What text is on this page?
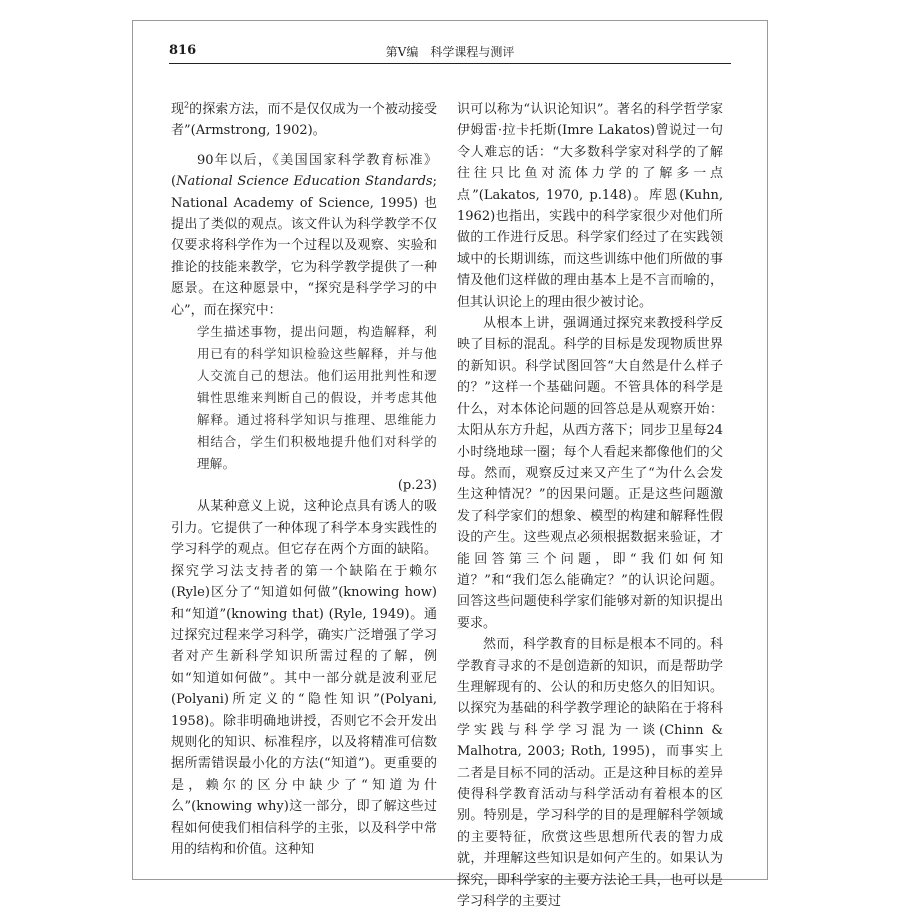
816	第Ⅴ编　科学课程与测评

现$^2$的探索方法，而不是仅仅成为一个被动接受者”(Armstrong, 1902)。

90年以后，《美国国家科学教育标准》(National Science Education Standards; National Academy of Science, 1995) 也提出了类似的观点。该文件认为科学教学不仅仅要求将科学作为一个过程以及观察、实验和推论的技能来教学，它为科学教学提供了一种愿景。在这种愿景中，“探究是科学学习的中心”，而在探究中：

学生描述事物，提出问题，构造解释，利用已有的科学知识检验这些解释，并与他人交流自己的想法。他们运用批判性和逻辑性思维来判断自己的假设，并考虑其他解释。通过将科学知识与推理、思维能力相结合，学生们积极地提升他们对科学的理解。

(p.23)

从某种意义上说，这种论点具有诱人的吸引力。它提供了一种体现了科学本身实践性的学习科学的观点。但它存在两个方面的缺陷。探究学习法支持者的第一个缺陷在于赖尔(Ryle)区分了“知道如何做”(knowing how)和“知道”(knowing that) (Ryle, 1949)。通过探究过程来学习科学，确实广泛增强了学习者对产生新科学知识所需过程的了解，例如“知道如何做”。其中一部分就是波利亚尼(Polyani)所定义的“隐性知识”(Polyani, 1958)。除非明确地讲授，否则它不会开发出规则化的知识、标准程序，以及将精准可信数据所需错误最小化的方法(“知道”)。更重要的是，赖尔的区分中缺少了“知道为什么”(knowing why)这一部分，即了解这些过程如何使我们相信科学的主张，以及科学中常用的结构和价值。这种知

识可以称为“认识论知识”。著名的科学哲学家伊姆雷·拉卡托斯(Imre Lakatos)曾说过一句令人难忘的话：“大多数科学家对科学的了解往往只比鱼对流体力学的了解多一点点”(Lakatos, 1970, p.148)。库恩(Kuhn, 1962)也指出，实践中的科学家很少对他们所做的工作进行反思。科学家们经过了在实践领域中的长期训练，而这些训练中他们所做的事情及他们这样做的理由基本上是不言而喻的，但其认识论上的理由很少被讨论。

从根本上讲，强调通过探究来教授科学反映了目标的混乱。科学的目标是发现物质世界的新知识。科学试图回答“大自然是什么样子的？”这样一个基础问题。不管具体的科学是什么，对本体论问题的回答总是从观察开始：太阳从东方升起，从西方落下；同步卫星每24小时绕地球一圈；每个人看起来都像他们的父母。然而，观察反过来又产生了“为什么会发生这种情况？”的因果问题。正是这些问题激发了科学家们的想象、模型的构建和解释性假设的产生。这些观点必须根据数据来验证，才能回答第三个问题，即“我们如何知道？”和“我们怎么能确定？”的认识论问题。回答这些问题使科学家们能够对新的知识提出要求。

然而，科学教育的目标是根本不同的。科学教育寻求的不是创造新的知识，而是帮助学生理解现有的、公认的和历史悠久的旧知识。以探究为基础的科学教学理论的缺陷在于将科学实践与科学学习混为一谈(Chinn & Malhotra, 2003; Roth, 1995)，而事实上二者是目标不同的活动。正是这种目标的差异使得科学教育活动与科学活动有着根本的区别。特别是，学习科学的目的是理解科学领域的主要特征，欣赏这些思想所代表的智力成就，并理解这些知识是如何产生的。如果认为探究，即科学家的主要方法论工具，也可以是学习科学的主要过
